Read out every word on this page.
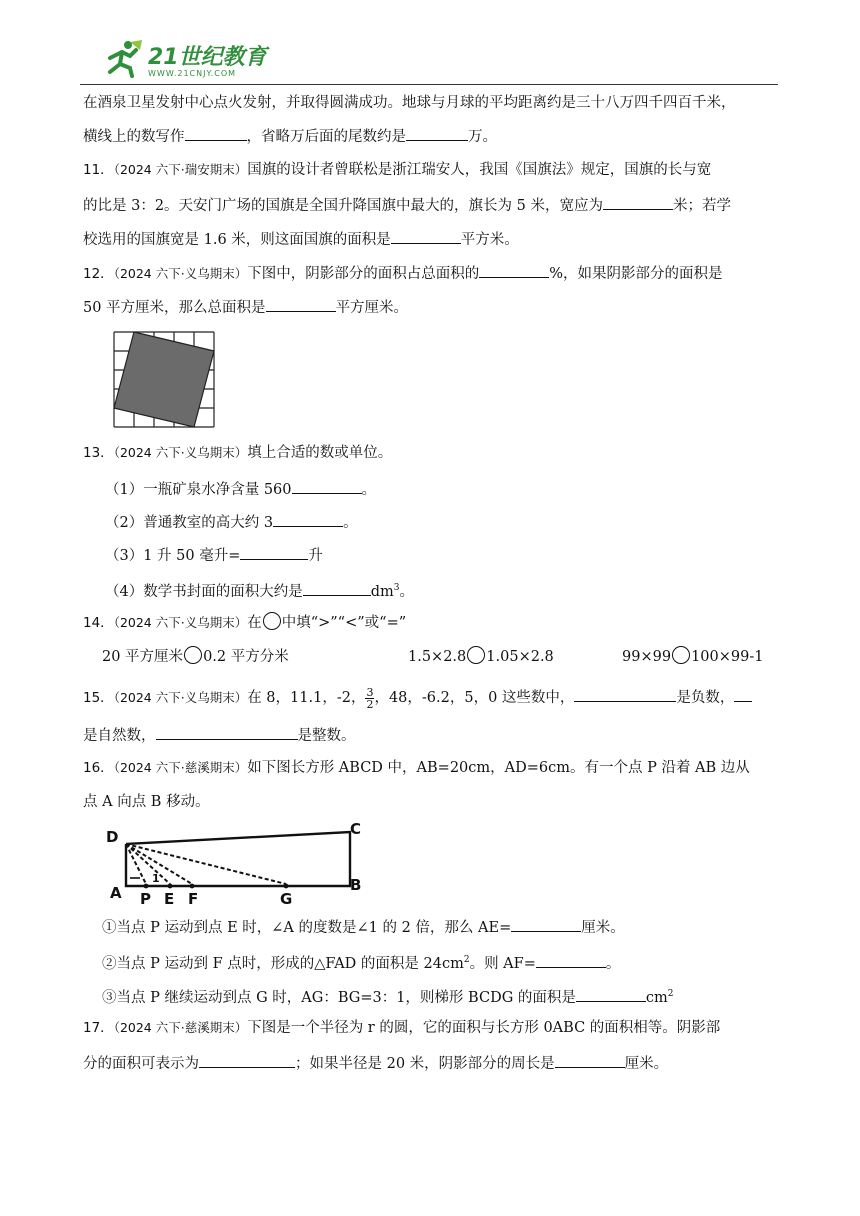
21世纪教育
WWW.21CNJY.COM
在酒泉卫星发射中心点火发射，并取得圆满成功。地球与月球的平均距离约是三十八万四千四百千米，
横线上的数写作	，省略万后面的尾数约是	万。
11．（2024 六下·瑞安期末）国旗的设计者曾联松是浙江瑞安人，我国《国旗法》规定，国旗的长与宽
的比是 3：2。天安门广场的国旗是全国升降国旗中最大的，旗长为 5 米，宽应为	米；若学
校选用的国旗宽是 1.6 米，则这面国旗的面积是	平方米。
12．（2024 六下·义乌期末）下图中，阴影部分的面积占总面积的	%，如果阴影部分的面积是
50 平方厘米，那么总面积是	平方厘米。
13．（2024 六下·义乌期末）填上合适的数或单位。
（1）一瓶矿泉水净含量 560	。
（2）普通教室的高大约 3	。
（3）1 升 50 毫升=	升
（4）数学书封面的面积大约是	$dm^3$。
14．（2024 六下·义乌期末）在 中填“>”“<”或“=”
20 平方厘米 0.2 平方分米	1.5×2.8 1.05×2.8	99×99 100×99-1
15．（2024 六下·义乌期末）在 8，11.1，-2， $\frac{3}{2}$ ，48，-6.2，5，0 这些数中，	是负数，
是自然数，	是整数。
16．（2024 六下·慈溪期末）如下图长方形 ABCD 中，AB=20cm，AD=6cm。有一个点 P 沿着 AB 边从
点 A 向点 B 移动。
D	C
A	B
P E F	G
1
①当点 P 运动到点 E 时，∠A 的度数是∠1 的 2 倍，那么 AE=	厘米。
②当点 P 运动到 F 点时，形成的△FAD 的面积是 $24cm^2$。则 AF=	。
③当点 P 继续运动到点 G 时，AG：BG=3：1，则梯形 BCDG 的面积是	$cm^2$
17．（2024 六下·慈溪期末）下图是一个半径为 r 的圆，它的面积与长方形 0ABC 的面积相等。阴影部
分的面积可表示为	；如果半径是 20 米，阴影部分的周长是	厘米。
